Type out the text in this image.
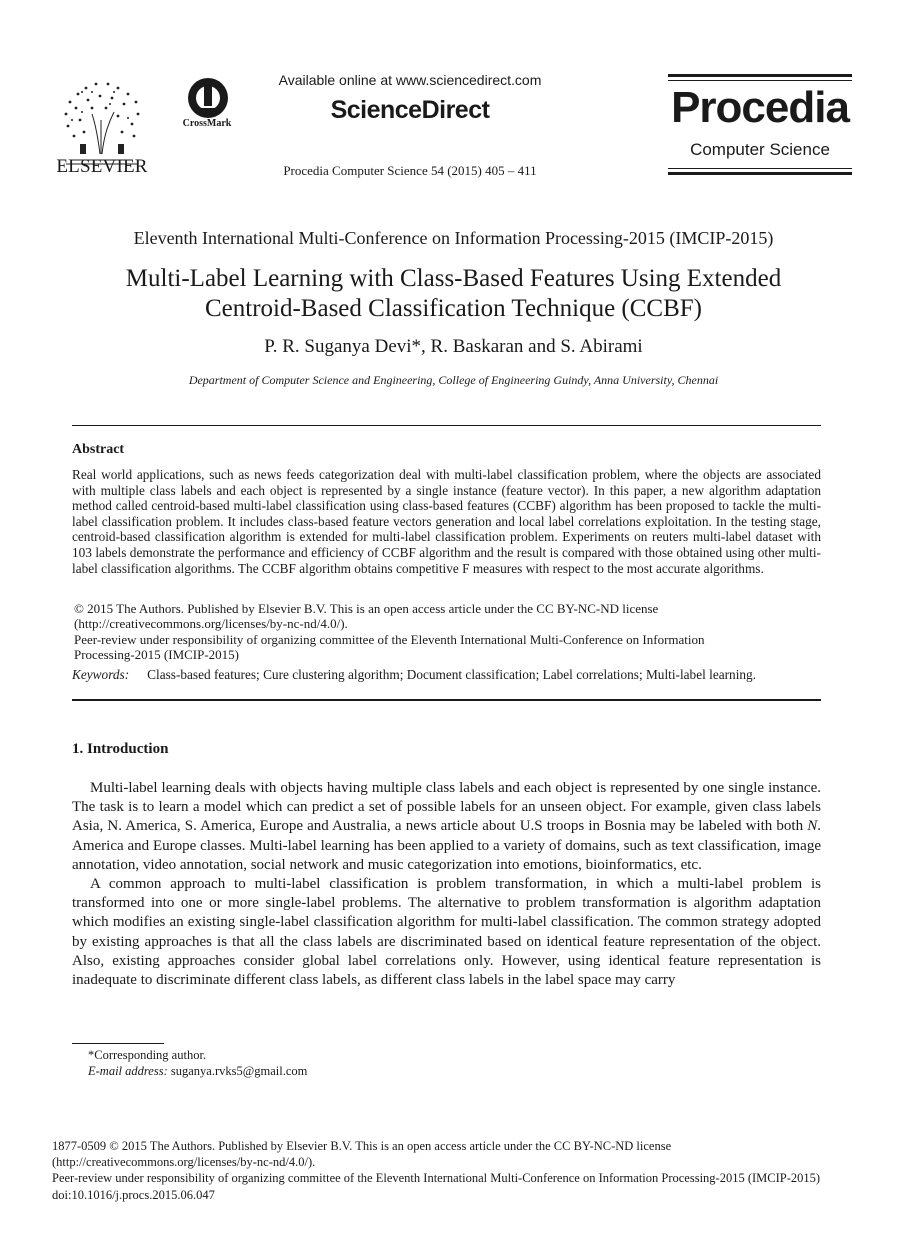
ELSEVIER
CrossMark
Available online at www.sciencedirect.com
ScienceDirect
Procedia Computer Science 54 (2015) 405 – 411
Procedia
Computer Science
Eleventh International Multi-Conference on Information Processing-2015 (IMCIP-2015)
Multi-Label Learning with Class-Based Features Using Extended
Centroid-Based Classification Technique (CCBF)
P. R. Suganya Devi*, R. Baskaran and S. Abirami
Department of Computer Science and Engineering, College of Engineering Guindy, Anna University, Chennai
Abstract
Real world applications, such as news feeds categorization deal with multi-label classification problem, where the objects are associated with multiple class labels and each object is represented by a single instance (feature vector). In this paper, a new algorithm adaptation method called centroid-based multi-label classification using class-based features (CCBF) algorithm has been proposed to tackle the multi-label classification problem. It includes class-based feature vectors generation and local label correlations exploitation. In the testing stage, centroid-based classification algorithm is extended for multi-label classification problem. Experiments on reuters multi-label dataset with 103 labels demonstrate the performance and efficiency of CCBF algorithm and the result is compared with those obtained using other multi-label classification algorithms. The CCBF algorithm obtains competitive F measures with respect to the most accurate algorithms.
© 2015 The Authors. Published by Elsevier B.V. This is an open access article under the CC BY-NC-ND license
(http://creativecommons.org/licenses/by-nc-nd/4.0/).
Peer-review under responsibility of organizing committee of the Eleventh International Multi-Conference on Information
Processing-2015 (IMCIP-2015)
Keywords: Class-based features; Cure clustering algorithm; Document classification; Label correlations; Multi-label learning.
1. Introduction

Multi-label learning deals with objects having multiple class labels and each object is represented by one single instance. The task is to learn a model which can predict a set of possible labels for an unseen object. For example, given class labels Asia, N. America, S. America, Europe and Australia, a news article about U.S troops in Bosnia may be labeled with both N. America and Europe classes. Multi-label learning has been applied to a variety of domains, such as text classification, image annotation, video annotation, social network and music categorization into emotions, bioinformatics, etc.

A common approach to multi-label classification is problem transformation, in which a multi-label problem is transformed into one or more single-label problems. The alternative to problem transformation is algorithm adaptation which modifies an existing single-label classification algorithm for multi-label classification. The common strategy adopted by existing approaches is that all the class labels are discriminated based on identical feature representation of the object. Also, existing approaches consider global label correlations only. However, using identical feature representation is inadequate to discriminate different class labels, as different class labels in the label space may carry

*Corresponding author.
E-mail address: suganya.rvks5@gmail.com
1877-0509 © 2015 The Authors. Published by Elsevier B.V. This is an open access article under the CC BY-NC-ND license
(http://creativecommons.org/licenses/by-nc-nd/4.0/).
Peer-review under responsibility of organizing committee of the Eleventh International Multi-Conference on Information Processing-2015 (IMCIP-2015)
doi:10.1016/j.procs.2015.06.047
